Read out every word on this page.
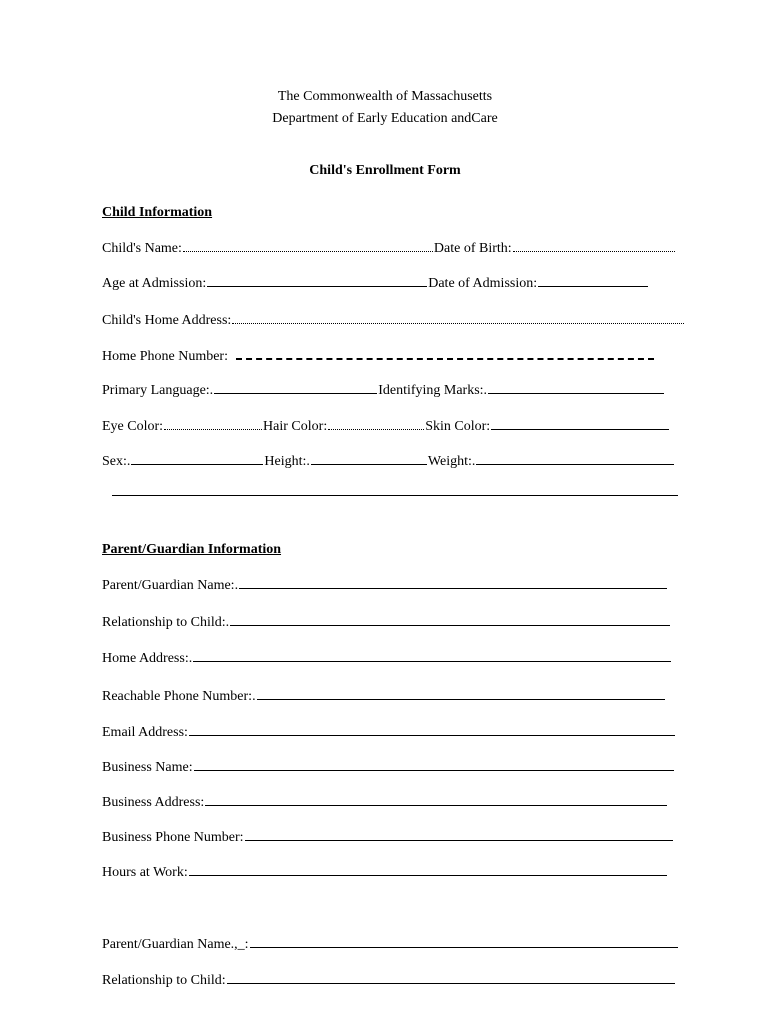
The Commonwealth of Massachusetts
Department of Early Education andCare
Child's Enrollment Form
Child Information
Child's Name:	Date of Birth:
Age at Admission:	Date of Admission:
Child's Home Address:
Home Phone Number:
Primary Language:.	Identifying Marks:.
Eye Color:	Hair Color:	Skin Color:
Sex:.	Height:.	Weight:.
Parent/Guardian Information
Parent/Guardian Name:.
Relationship to Child:.
Home Address:.
Reachable Phone Number:.
Email Address:
Business Name:
Business Address:
Business Phone Number:
Hours at Work:
Parent/Guardian Name.,_:
Relationship to Child:
